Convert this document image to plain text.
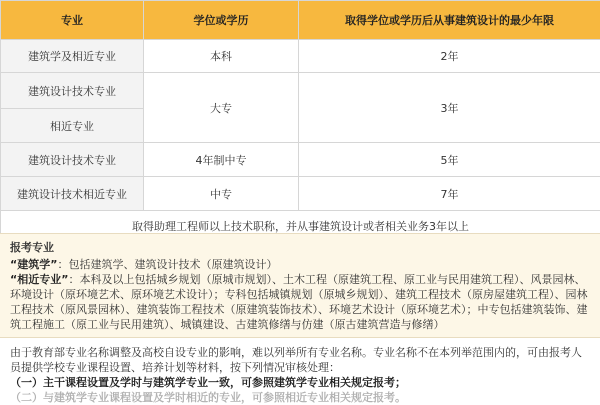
专业	学位或学历	取得学位或学历后从事建筑设计的最少年限
建筑学及相近专业	本科	2年
建筑设计技术专业	大专	3年
相近专业		
建筑设计技术专业	4年制中专	5年
建筑设计技术相近专业	中专	7年
取得助理工程师以上技术职称，并从事建筑设计或者相关业务3年以上		
报考专业
“建筑学”：包括建筑学、建筑设计技术（原建筑设计）
“相近专业”：本科及以上包括城乡规划（原城市规划）、土木工程（原建筑工程、原工业与民用建筑工程）、风景园林、环境设计（原环境艺术、原环境艺术设计）；专科包括城镇规划（原城乡规划）、建筑工程技术（原房屋建筑工程）、园林工程技术（原风景园林）、建筑装饰工程技术（原建筑装饰技术）、环境艺术设计（原环境艺术）；中专包括建筑装饰、建筑工程施工（原工业与民用建筑）、城镇建设、古建筑修缮与仿建（原古建筑营造与修缮）
由于教育部专业名称调整及高校自设专业的影响，难以列举所有专业名称。专业名称不在本列举范围内的，可由报考人员提供学校专业课程设置、培养计划等材料，按下列情况审核处理：
（一）主干课程设置及学时与建筑学专业一致，可参照建筑学专业相关规定报考；
（二）与建筑学专业课程设置及学时相近的专业，可参照相近专业相关规定报考。
